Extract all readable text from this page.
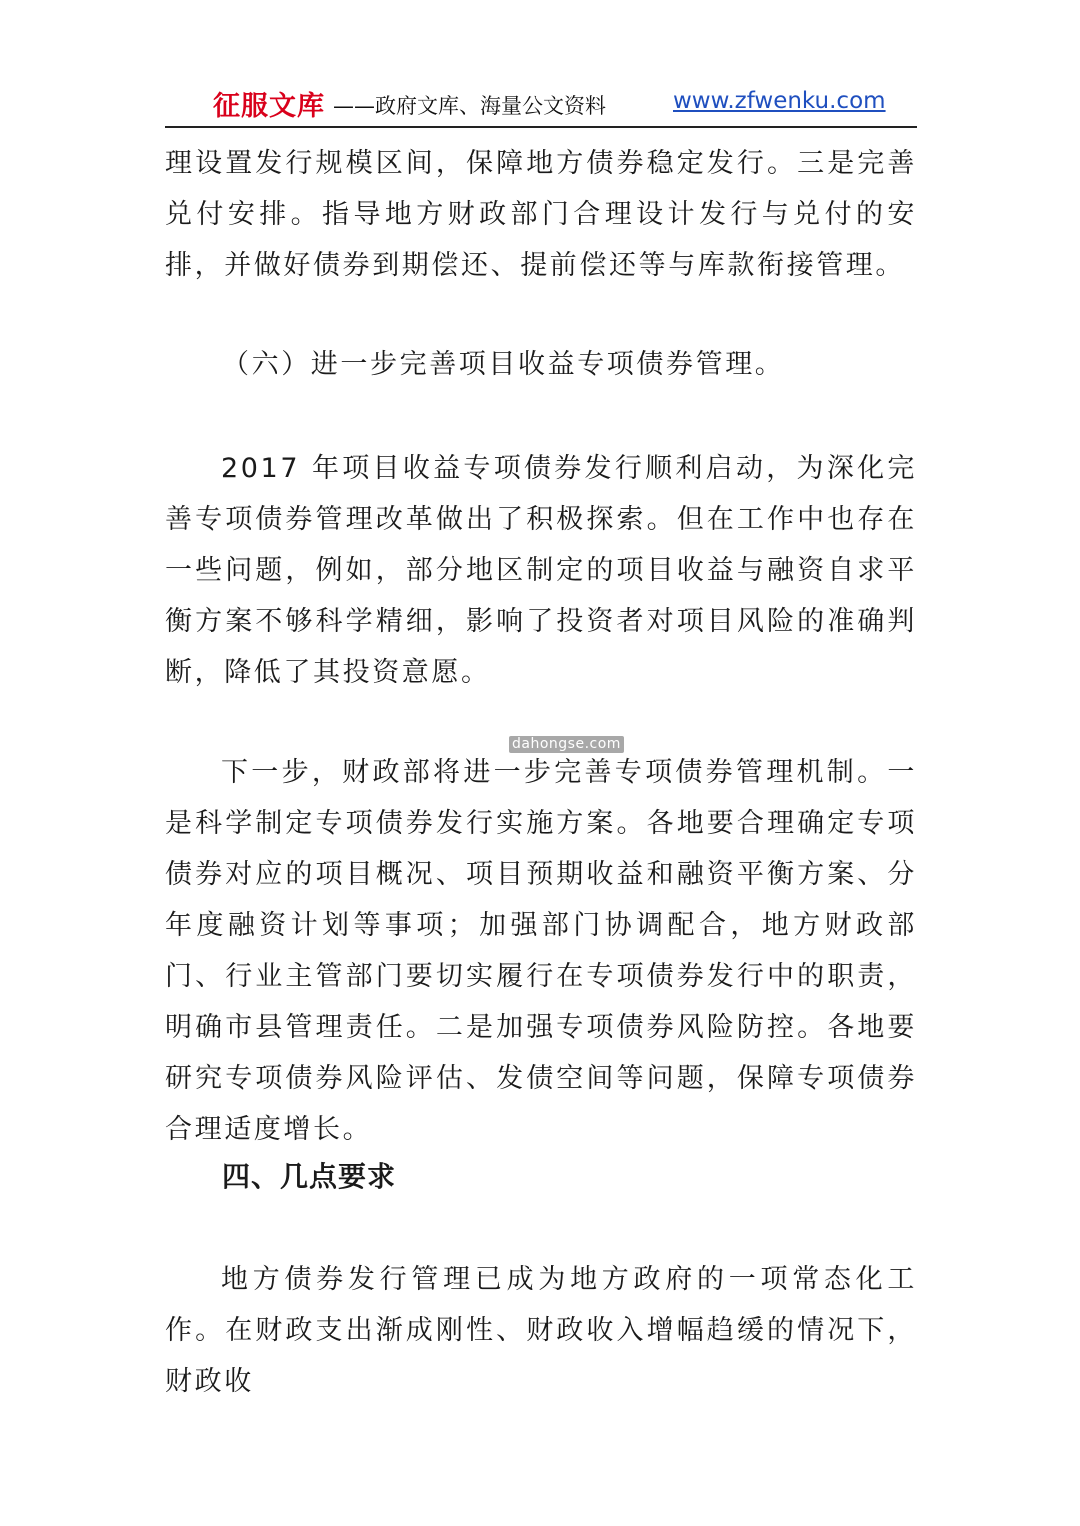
征服文库 ——政府文库、海量公文资料	www.zfwenku.com

理设置发行规模区间，保障地方债券稳定发行。三是完善兑付安排。指导地方财政部门合理设计发行与兑付的安排，并做好债券到期偿还、提前偿还等与库款衔接管理。

（六）进一步完善项目收益专项债券管理。

2017 年项目收益专项债券发行顺利启动，为深化完善专项债券管理改革做出了积极探索。但在工作中也存在一些问题，例如，部分地区制定的项目收益与融资自求平衡方案不够科学精细，影响了投资者对项目风险的准确判断，降低了其投资意愿。

dahongse.com

下一步，财政部将进一步完善专项债券管理机制。一是科学制定专项债券发行实施方案。各地要合理确定专项债券对应的项目概况、项目预期收益和融资平衡方案、分年度融资计划等事项；加强部门协调配合，地方财政部门、行业主管部门要切实履行在专项债券发行中的职责，明确市县管理责任。二是加强专项债券风险防控。各地要研究专项债券风险评估、发债空间等问题，保障专项债券合理适度增长。

四、几点要求

地方债券发行管理已成为地方政府的一项常态化工作。在财政支出渐成刚性、财政收入增幅趋缓的情况下，财政收
